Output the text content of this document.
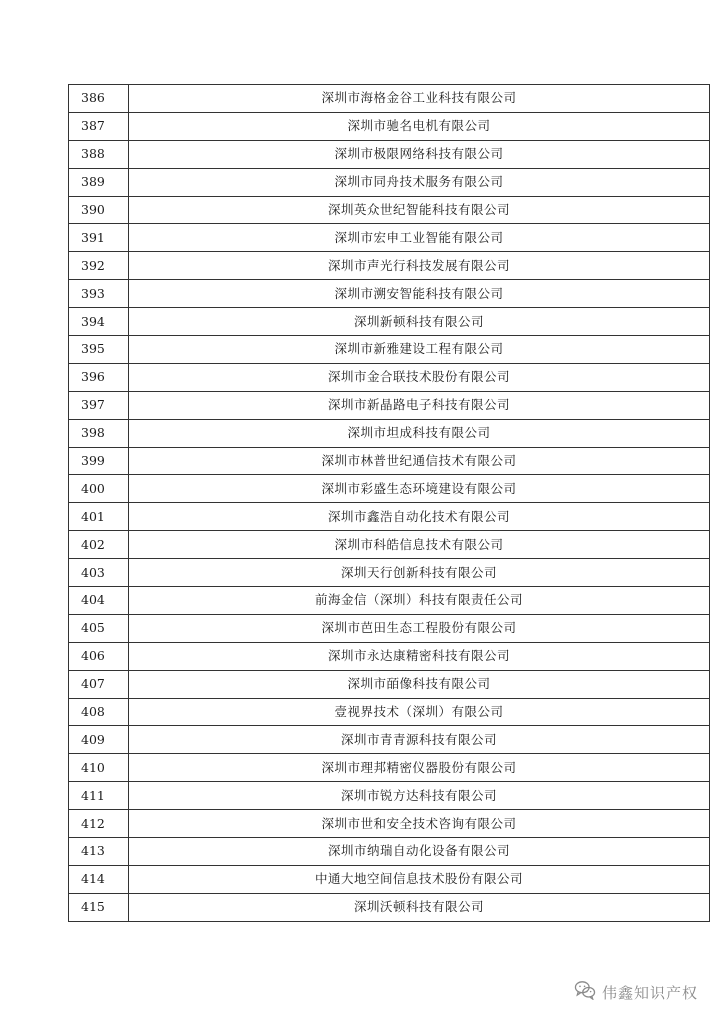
386	深圳市海格金谷工业科技有限公司
387	深圳市驰名电机有限公司
388	深圳市极限网络科技有限公司
389	深圳市同舟技术服务有限公司
390	深圳英众世纪智能科技有限公司
391	深圳市宏申工业智能有限公司
392	深圳市声光行科技发展有限公司
393	深圳市溯安智能科技有限公司
394	深圳新顿科技有限公司
395	深圳市新雅建设工程有限公司
396	深圳市金合联技术股份有限公司
397	深圳市新晶路电子科技有限公司
398	深圳市坦成科技有限公司
399	深圳市林普世纪通信技术有限公司
400	深圳市彩盛生态环境建设有限公司
401	深圳市鑫浩自动化技术有限公司
402	深圳市科皓信息技术有限公司
403	深圳天行创新科技有限公司
404	前海金信（深圳）科技有限责任公司
405	深圳市芭田生态工程股份有限公司
406	深圳市永达康精密科技有限公司
407	深圳市皕像科技有限公司
408	壹视界技术（深圳）有限公司
409	深圳市青青源科技有限公司
410	深圳市理邦精密仪器股份有限公司
411	深圳市锐方达科技有限公司
412	深圳市世和安全技术咨询有限公司
413	深圳市纳瑞自动化设备有限公司
414	中通大地空间信息技术股份有限公司
415	深圳沃顿科技有限公司
伟鑫知识产权
